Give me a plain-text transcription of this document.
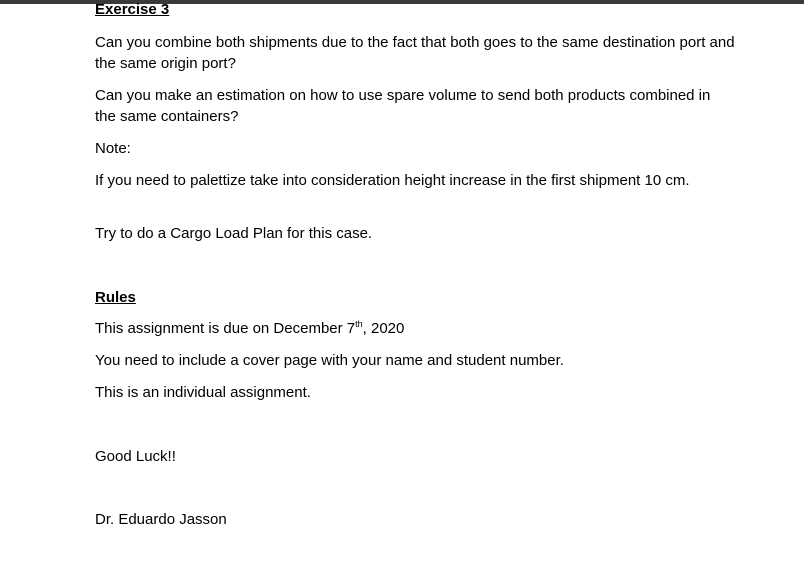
Exercise 3
Can you combine both shipments due to the fact that both goes to the same destination port and the same origin port?
Can you make an estimation on how to use spare volume to send both products combined in the same containers?
Note:
If you need to palettize take into consideration height increase in the first shipment 10 cm.
Try to do a Cargo Load Plan for this case.
Rules
This assignment is due on December 7th, 2020
You need to include a cover page with your name and student number.
This is an individual assignment.
Good Luck!!
Dr. Eduardo Jasson
